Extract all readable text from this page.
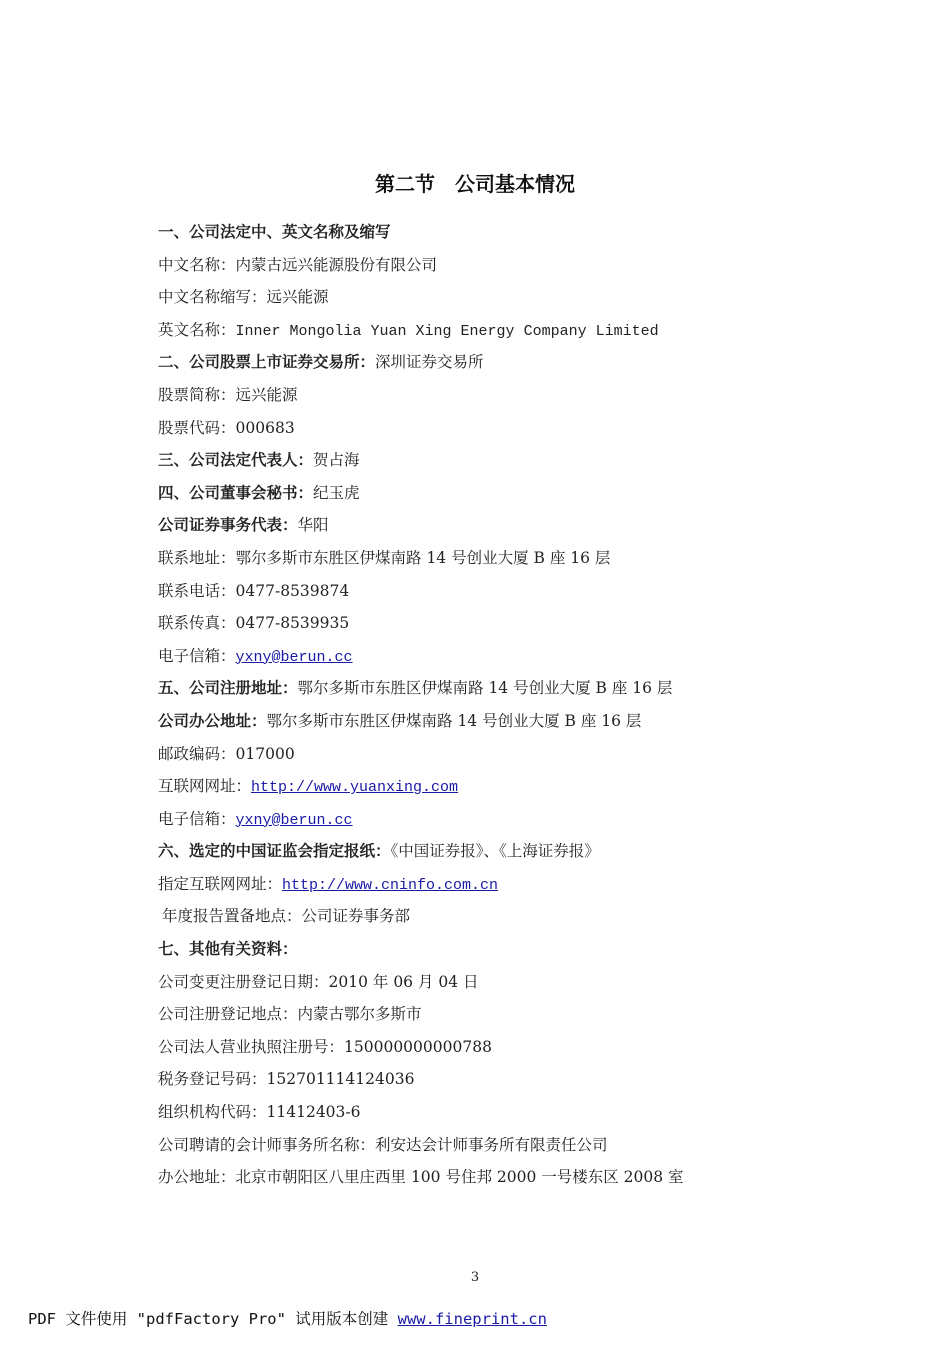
第二节　公司基本情况
一、公司法定中、英文名称及缩写
中文名称：内蒙古远兴能源股份有限公司
中文名称缩写：远兴能源
英文名称：Inner Mongolia Yuan Xing Energy Company Limited
二、公司股票上市证券交易所：深圳证券交易所
股票简称：远兴能源
股票代码：000683
三、公司法定代表人：贺占海
四、公司董事会秘书：纪玉虎
公司证券事务代表：华阳
联系地址：鄂尔多斯市东胜区伊煤南路 14 号创业大厦 B 座 16 层
联系电话：0477-8539874
联系传真：0477-8539935
电子信箱：yxny@berun.cc
五、公司注册地址：鄂尔多斯市东胜区伊煤南路 14 号创业大厦 B 座 16 层
公司办公地址：鄂尔多斯市东胜区伊煤南路 14 号创业大厦 B 座 16 层
邮政编码：017000
互联网网址：http://www.yuanxing.com
电子信箱：yxny@berun.cc
六、选定的中国证监会指定报纸：《中国证券报》、《上海证券报》
指定互联网网址：http://www.cninfo.com.cn
年度报告置备地点：公司证券事务部
七、其他有关资料：
公司变更注册登记日期：2010 年 06 月 04 日
公司注册登记地点：内蒙古鄂尔多斯市
公司法人营业执照注册号：150000000000788
税务登记号码：152701114124036
组织机构代码：11412403-6
公司聘请的会计师事务所名称：利安达会计师事务所有限责任公司
办公地址：北京市朝阳区八里庄西里 100 号住邦 2000 一号楼东区 2008 室
3
PDF 文件使用 "pdfFactory Pro" 试用版本创建 www.fineprint.cn
